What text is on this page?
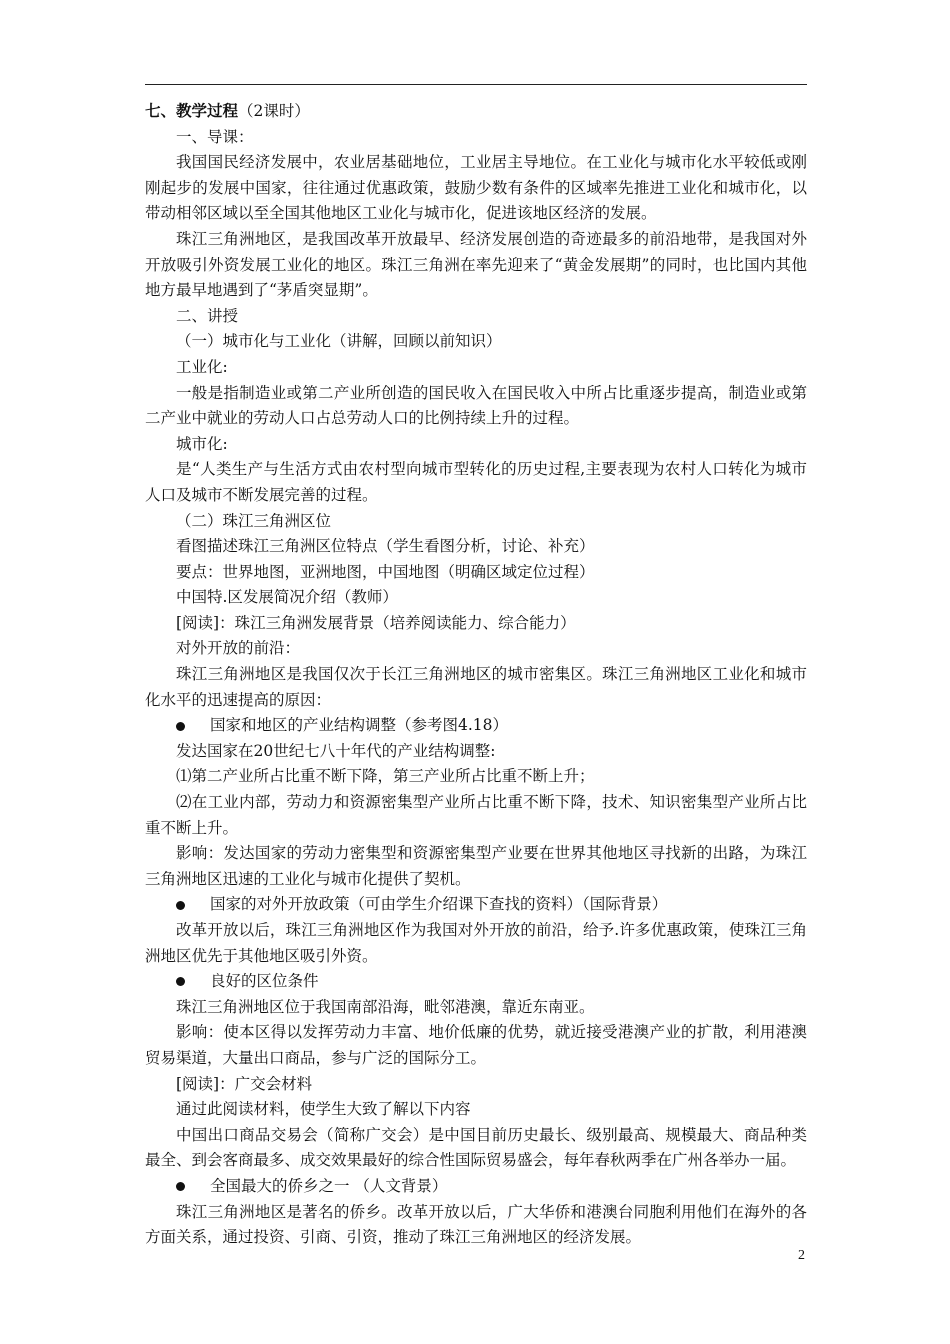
七、教学过程（2课时）

一、导课：

我国国民经济发展中，农业居基础地位，工业居主导地位。在工业化与城市化水平较低或刚刚起步的发展中国家，往往通过优惠政策，鼓励少数有条件的区域率先推进工业化和城市化，以带动相邻区域以至全国其他地区工业化与城市化，促进该地区经济的发展。

珠江三角洲地区，是我国改革开放最早、经济发展创造的奇迹最多的前沿地带，是我国对外开放吸引外资发展工业化的地区。珠江三角洲在率先迎来了“黄金发展期”的同时，也比国内其他地方最早地遇到了“茅盾突显期”。

二、讲授

（一）城市化与工业化（讲解，回顾以前知识）

工业化:

一般是指制造业或第二产业所创造的国民收入在国民收入中所占比重逐步提高，制造业或第二产业中就业的劳动人口占总劳动人口的比例持续上升的过程。

城市化:

是“人类生产与生活方式由农村型向城市型转化的历史过程,主要表现为农村人口转化为城市人口及城市不断发展完善的过程。

（二）珠江三角洲区位

看图描述珠江三角洲区位特点（学生看图分析，讨论、补充）

要点：世界地图，亚洲地图，中国地图（明确区域定位过程）

中国特.区发展简况介绍（教师）

[阅读]：珠江三角洲发展背景（培养阅读能力、综合能力）

对外开放的前沿：

珠江三角洲地区是我国仅次于长江三角洲地区的城市密集区。珠江三角洲地区工业化和城市化水平的迅速提高的原因：

国家和地区的产业结构调整（参考图4.18）

发达国家在20世纪七八十年代的产业结构调整:

⑴第二产业所占比重不断下降，第三产业所占比重不断上升；

⑵在工业内部，劳动力和资源密集型产业所占比重不断下降，技术、知识密集型产业所占比重不断上升。

影响：发达国家的劳动力密集型和资源密集型产业要在世界其他地区寻找新的出路，为珠江三角洲地区迅速的工业化与城市化提供了契机。

国家的对外开放政策（可由学生介绍课下查找的资料）（国际背景）

改革开放以后，珠江三角洲地区作为我国对外开放的前沿，给予.许多优惠政策，使珠江三角洲地区优先于其他地区吸引外资。

良好的区位条件

珠江三角洲地区位于我国南部沿海，毗邻港澳，靠近东南亚。

影响：使本区得以发挥劳动力丰富、地价低廉的优势，就近接受港澳产业的扩散，利用港澳贸易渠道，大量出口商品，参与广泛的国际分工。

[阅读]：广交会材料

通过此阅读材料，使学生大致了解以下内容

中国出口商品交易会（简称广交会）是中国目前历史最长、级别最高、规模最大、商品种类最全、到会客商最多、成交效果最好的综合性国际贸易盛会，每年春秋两季在广州各举办一届。

全国最大的侨乡之一 （人文背景）

珠江三角洲地区是著名的侨乡。改革开放以后，广大华侨和港澳台同胞利用他们在海外的各方面关系，通过投资、引商、引资，推动了珠江三角洲地区的经济发展。

2
